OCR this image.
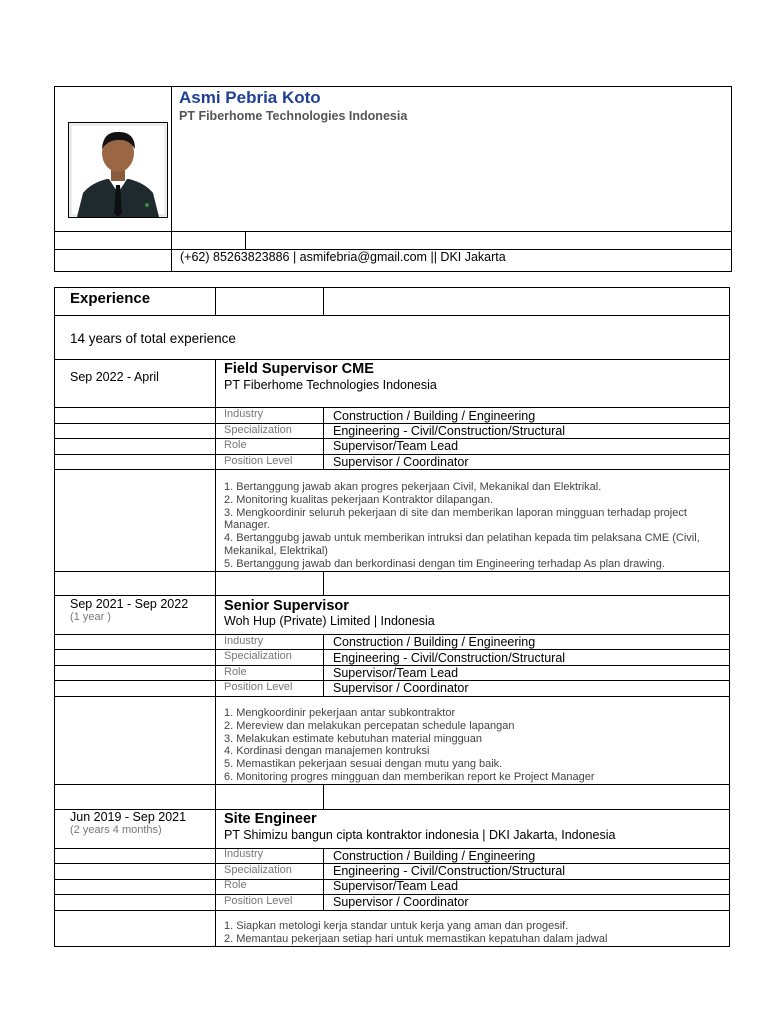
Asmi Pebria Koto
PT Fiberhome Technologies Indonesia
(+62) 85263823886 | asmifebria@gmail.com || DKI Jakarta
Experience
14 years of total experience
Sep 2022 - April	Field Supervisor CME
PT Fiberhome Technologies Indonesia
Industry	Construction / Building / Engineering
Specialization	Engineering - Civil/Construction/Structural
Role	Supervisor/Team Lead
Position Level	Supervisor / Coordinator
1. Bertanggung jawab akan progres pekerjaan Civil, Mekanikal dan Elektrikal.
2. Monitoring kualitas pekerjaan Kontraktor dilapangan.
3. Mengkoordinir seluruh pekerjaan di site dan memberikan laporan mingguan terhadap project Manager.
4. Bertanggubg jawab untuk memberikan intruksi dan pelatihan kepada tim pelaksana CME (Civil, Mekanikal, Elektrikal)
5. Bertanggung jawab dan berkordinasi dengan tim Engineering terhadap As plan drawing.
Sep 2021 - Sep 2022
(1 year )
Senior Supervisor
Woh Hup (Private) Limited | Indonesia
Industry	Construction / Building / Engineering
Specialization	Engineering - Civil/Construction/Structural
Role	Supervisor/Team Lead
Position Level	Supervisor / Coordinator
1. Mengkoordinir pekerjaan antar subkontraktor
2. Mereview dan melakukan percepatan schedule lapangan
3. Melakukan estimate kebutuhan material mingguan
4. Kordinasi dengan manajemen kontruksi
5. Memastikan pekerjaan sesuai dengan mutu yang baik.
6. Monitoring progres mingguan dan memberikan report ke Project Manager
Jun 2019 - Sep 2021
(2 years 4 months)
Site Engineer
PT Shimizu bangun cipta kontraktor indonesia | DKI Jakarta, Indonesia
Industry	Construction / Building / Engineering
Specialization	Engineering - Civil/Construction/Structural
Role	Supervisor/Team Lead
Position Level	Supervisor / Coordinator
1. Siapkan metologi kerja standar untuk kerja yang aman dan progesif.
2. Memantau pekerjaan setiap hari untuk memastikan kepatuhan dalam jadwal
